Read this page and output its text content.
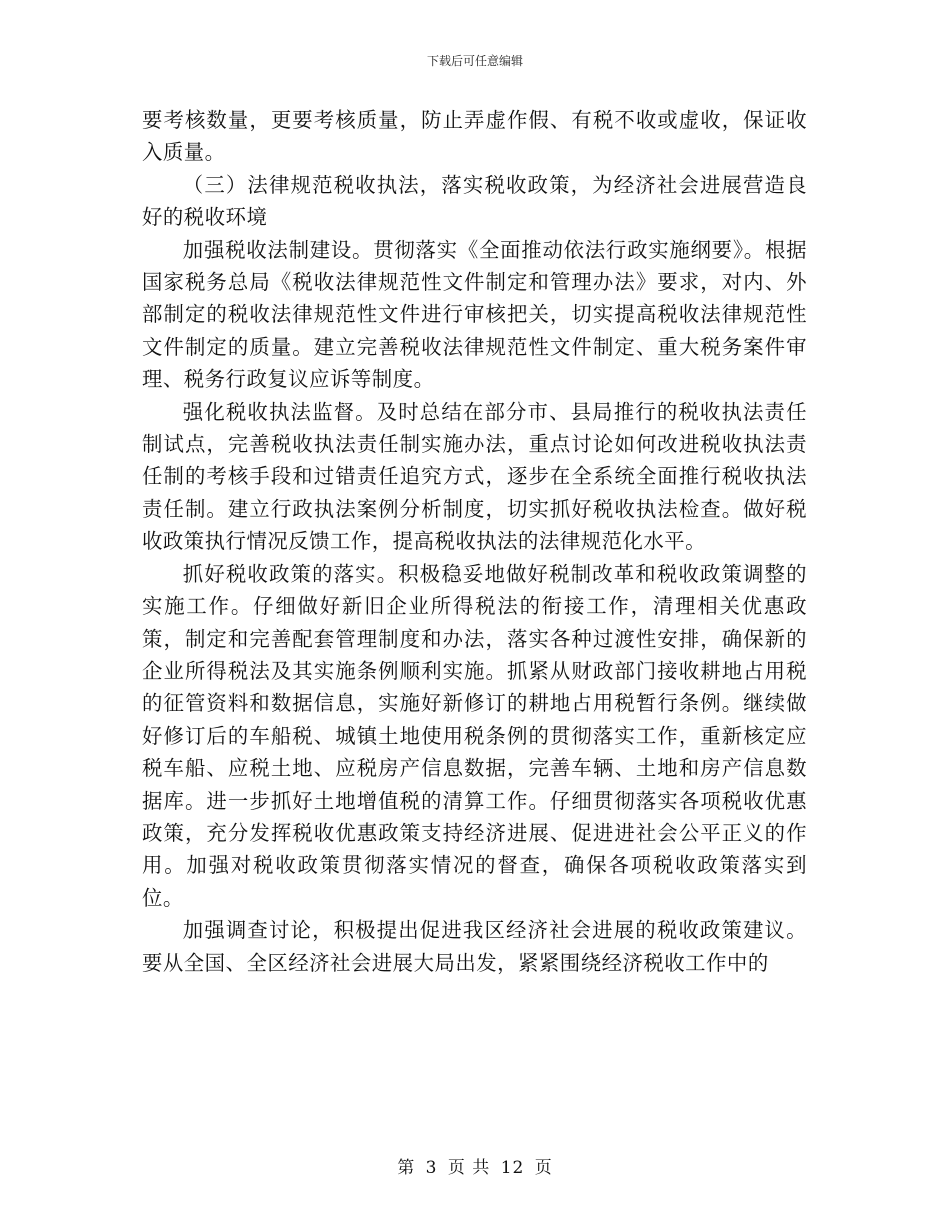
下载后可任意编辑

要考核数量，更要考核质量，防止弄虚作假、有税不收或虚收，保证收入质量。

（三）法律规范税收执法，落实税收政策，为经济社会进展营造良好的税收环境

加强税收法制建设。贯彻落实《全面推动依法行政实施纲要》。根据国家税务总局《税收法律规范性文件制定和管理办法》要求，对内、外部制定的税收法律规范性文件进行审核把关，切实提高税收法律规范性文件制定的质量。建立完善税收法律规范性文件制定、重大税务案件审理、税务行政复议应诉等制度。

强化税收执法监督。及时总结在部分市、县局推行的税收执法责任制试点，完善税收执法责任制实施办法，重点讨论如何改进税收执法责任制的考核手段和过错责任追究方式，逐步在全系统全面推行税收执法责任制。建立行政执法案例分析制度，切实抓好税收执法检查。做好税收政策执行情况反馈工作，提高税收执法的法律规范化水平。

抓好税收政策的落实。积极稳妥地做好税制改革和税收政策调整的实施工作。仔细做好新旧企业所得税法的衔接工作，清理相关优惠政策，制定和完善配套管理制度和办法，落实各种过渡性安排，确保新的企业所得税法及其实施条例顺利实施。抓紧从财政部门接收耕地占用税的征管资料和数据信息，实施好新修订的耕地占用税暂行条例。继续做好修订后的车船税、城镇土地使用税条例的贯彻落实工作，重新核定应税车船、应税土地、应税房产信息数据，完善车辆、土地和房产信息数据库。进一步抓好土地增值税的清算工作。仔细贯彻落实各项税收优惠政策，充分发挥税收优惠政策支持经济进展、促进进社会公平正义的作用。加强对税收政策贯彻落实情况的督查，确保各项税收政策落实到位。

加强调查讨论，积极提出促进我区经济社会进展的税收政策建议。要从全国、全区经济社会进展大局出发，紧紧围绕经济税收工作中的

第 3 页 共 12 页
